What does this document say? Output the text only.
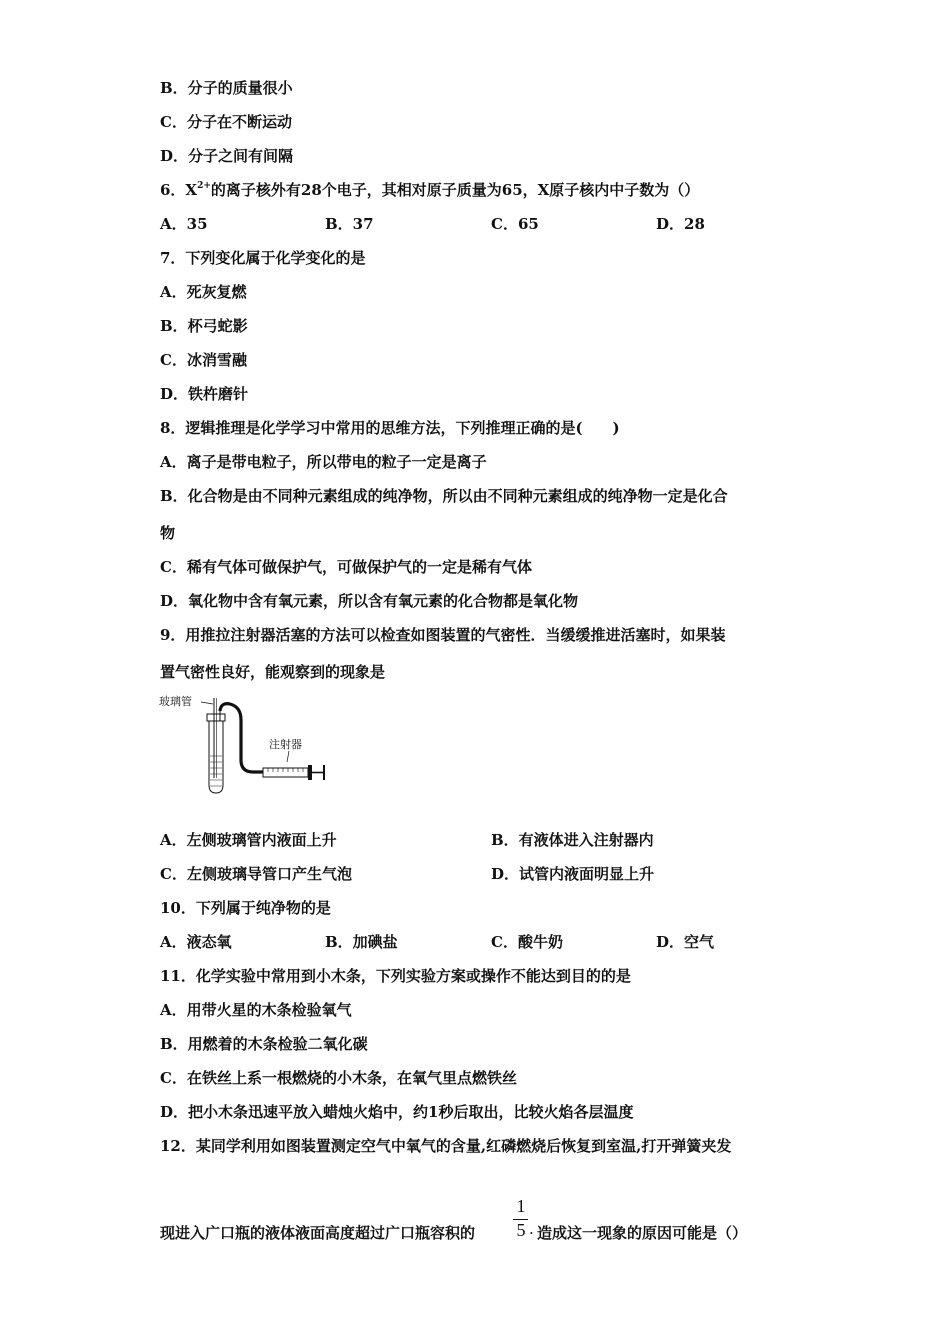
B．分子的质量很小
C．分子在不断运动
D．分子之间有间隔
6．$X^{2+}$的离子核外有28个电子，其相对原子质量为65，X原子核内中子数为（）
A．35	B．37	C．65	D．28
7．下列变化属于化学变化的是
A．死灰复燃
B．杯弓蛇影
C．冰消雪融
D．铁杵磨针
8．逻辑推理是化学学习中常用的思维方法，下列推理正确的是(　　)
A．离子是带电粒子，所以带电的粒子一定是离子
B．化合物是由不同种元素组成的纯净物，所以由不同种元素组成的纯净物一定是化合
物
C．稀有气体可做保护气，可做保护气的一定是稀有气体
D．氧化物中含有氧元素，所以含有氧元素的化合物都是氧化物
9．用推拉注射器活塞的方法可以检查如图装置的气密性．当缓缓推进活塞时，如果装
置气密性良好，能观察到的现象是
玻璃管
注射器
A．左侧玻璃管内液面上升	B．有液体进入注射器内
C．左侧玻璃导管口产生气泡	D．试管内液面明显上升
10．下列属于纯净物的是
A．液态氧	B．加碘盐	C．酸牛奶	D．空气
11．化学实验中常用到小木条，下列实验方案或操作不能达到目的的是
A．用带火星的木条检验氧气
B．用燃着的木条检验二氧化碳
C．在铁丝上系一根燃烧的小木条，在氧气里点燃铁丝
D．把小木条迅速平放入蜡烛火焰中，约1秒后取出，比较火焰各层温度
12．某同学利用如图装置测定空气中氧气的含量,红磷燃烧后恢复到室温,打开弹簧夹发
现进入广口瓶的液体液面高度超过广口瓶容积的
1
5 . 造成这一现象的原因可能是（）
